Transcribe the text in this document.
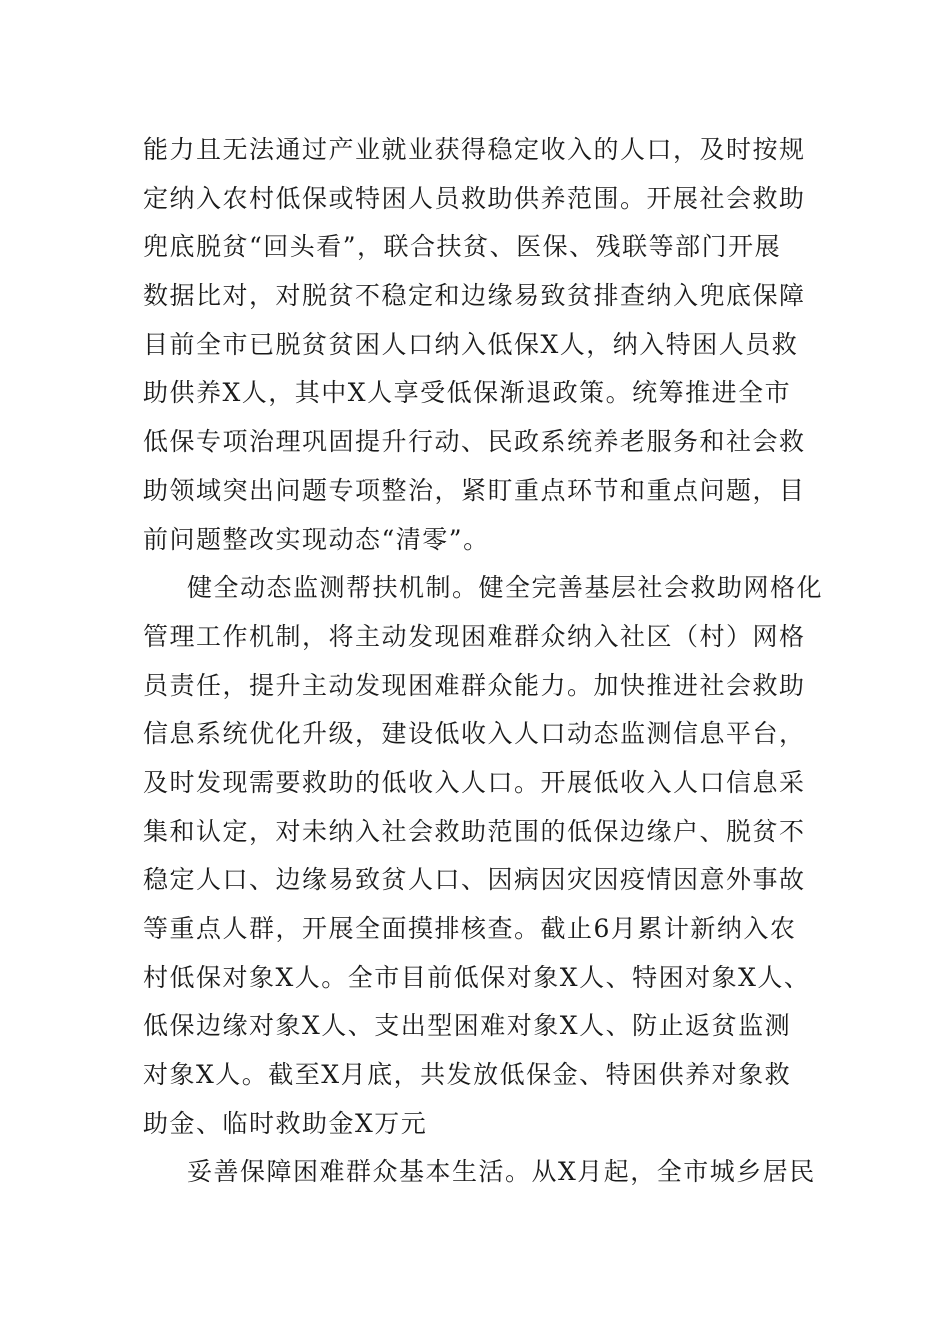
能力且无法通过产业就业获得稳定收入的人口，及时按规
定纳入农村低保或特困人员救助供养范围。开展社会救助
兜底脱贫“回头看”，联合扶贫、医保、残联等部门开展
数据比对，对脱贫不稳定和边缘易致贫排查纳入兜底保障
目前全市已脱贫贫困人口纳入低保X人，纳入特困人员救
助供养X人，其中X人享受低保渐退政策。统筹推进全市
低保专项治理巩固提升行动、民政系统养老服务和社会救
助领域突出问题专项整治，紧盯重点环节和重点问题，目
前问题整改实现动态“清零”。
健全动态监测帮扶机制。健全完善基层社会救助网格化
管理工作机制，将主动发现困难群众纳入社区（村）网格
员责任，提升主动发现困难群众能力。加快推进社会救助
信息系统优化升级，建设低收入人口动态监测信息平台，
及时发现需要救助的低收入人口。开展低收入人口信息采
集和认定，对未纳入社会救助范围的低保边缘户、脱贫不
稳定人口、边缘易致贫人口、因病因灾因疫情因意外事故
等重点人群，开展全面摸排核查。截止6月累计新纳入农
村低保对象X人。全市目前低保对象X人、特困对象X人、
低保边缘对象X人、支出型困难对象X人、防止返贫监测
对象X人。截至X月底，共发放低保金、特困供养对象救
助金、临时救助金X万元
妥善保障困难群众基本生活。从X月起，全市城乡居民
